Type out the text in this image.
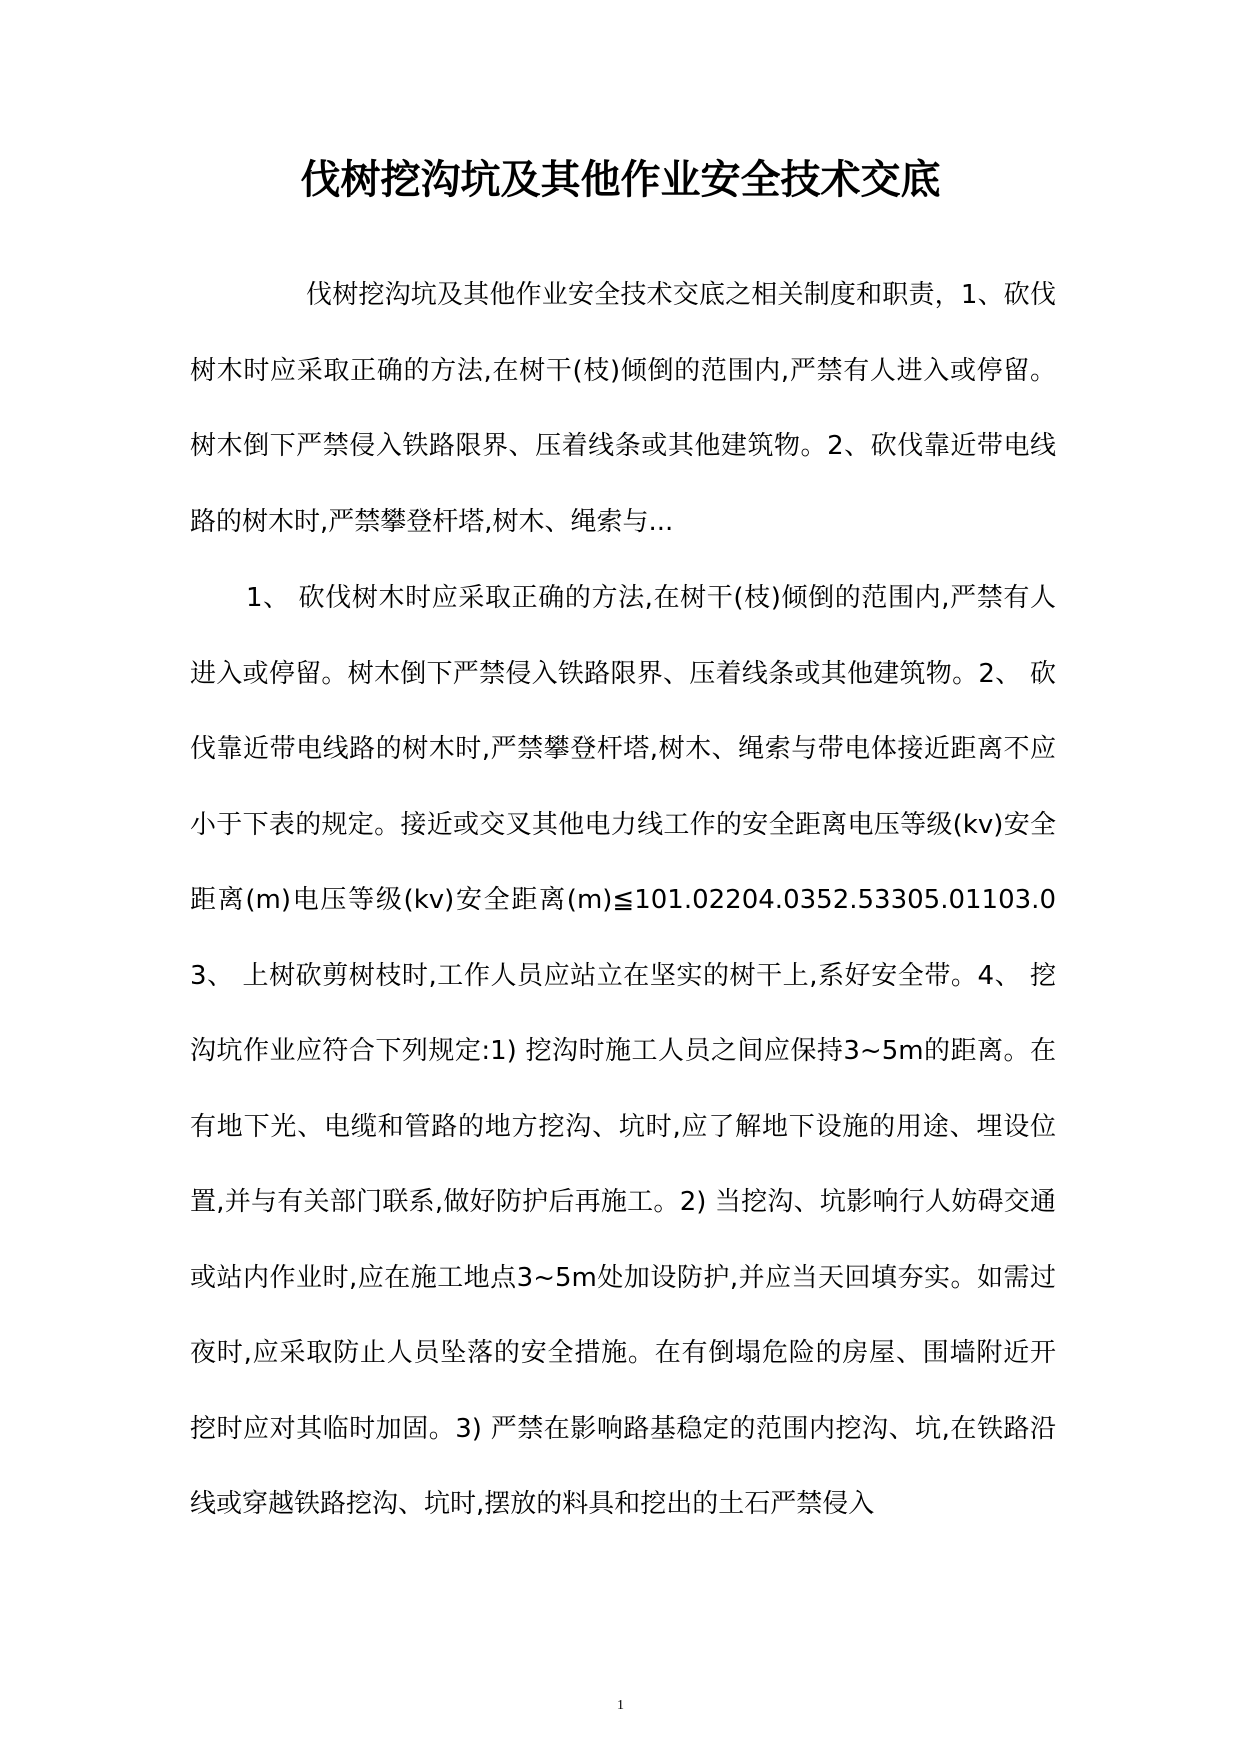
伐树挖沟坑及其他作业安全技术交底

伐树挖沟坑及其他作业安全技术交底之相关制度和职责，1、砍伐树木时应采取正确的方法,在树干(枝)倾倒的范围内,严禁有人进入或停留。树木倒下严禁侵入铁路限界、压着线条或其他建筑物。2、砍伐靠近带电线路的树木时,严禁攀登杆塔,树木、绳索与...

1、 砍伐树木时应采取正确的方法,在树干(枝)倾倒的范围内,严禁有人进入或停留。树木倒下严禁侵入铁路限界、压着线条或其他建筑物。2、 砍伐靠近带电线路的树木时,严禁攀登杆塔,树木、绳索与带电体接近距离不应小于下表的规定。接近或交叉其他电力线工作的安全距离电压等级(kv)安全距离(m)电压等级(kv)安全距离(m)≦101.02204.0352.53305.01103.03、 上树砍剪树枝时,工作人员应站立在坚实的树干上,系好安全带。4、 挖沟坑作业应符合下列规定:1) 挖沟时施工人员之间应保持3~5m的距离。在有地下光、电缆和管路的地方挖沟、坑时,应了解地下设施的用途、埋设位置,并与有关部门联系,做好防护后再施工。2) 当挖沟、坑影响行人妨碍交通或站内作业时,应在施工地点3~5m处加设防护,并应当天回填夯实。如需过夜时,应采取防止人员坠落的安全措施。在有倒塌危险的房屋、围墙附近开挖时应对其临时加固。3) 严禁在影响路基稳定的范围内挖沟、坑,在铁路沿线或穿越铁路挖沟、坑时,摆放的料具和挖出的土石严禁侵入

1
